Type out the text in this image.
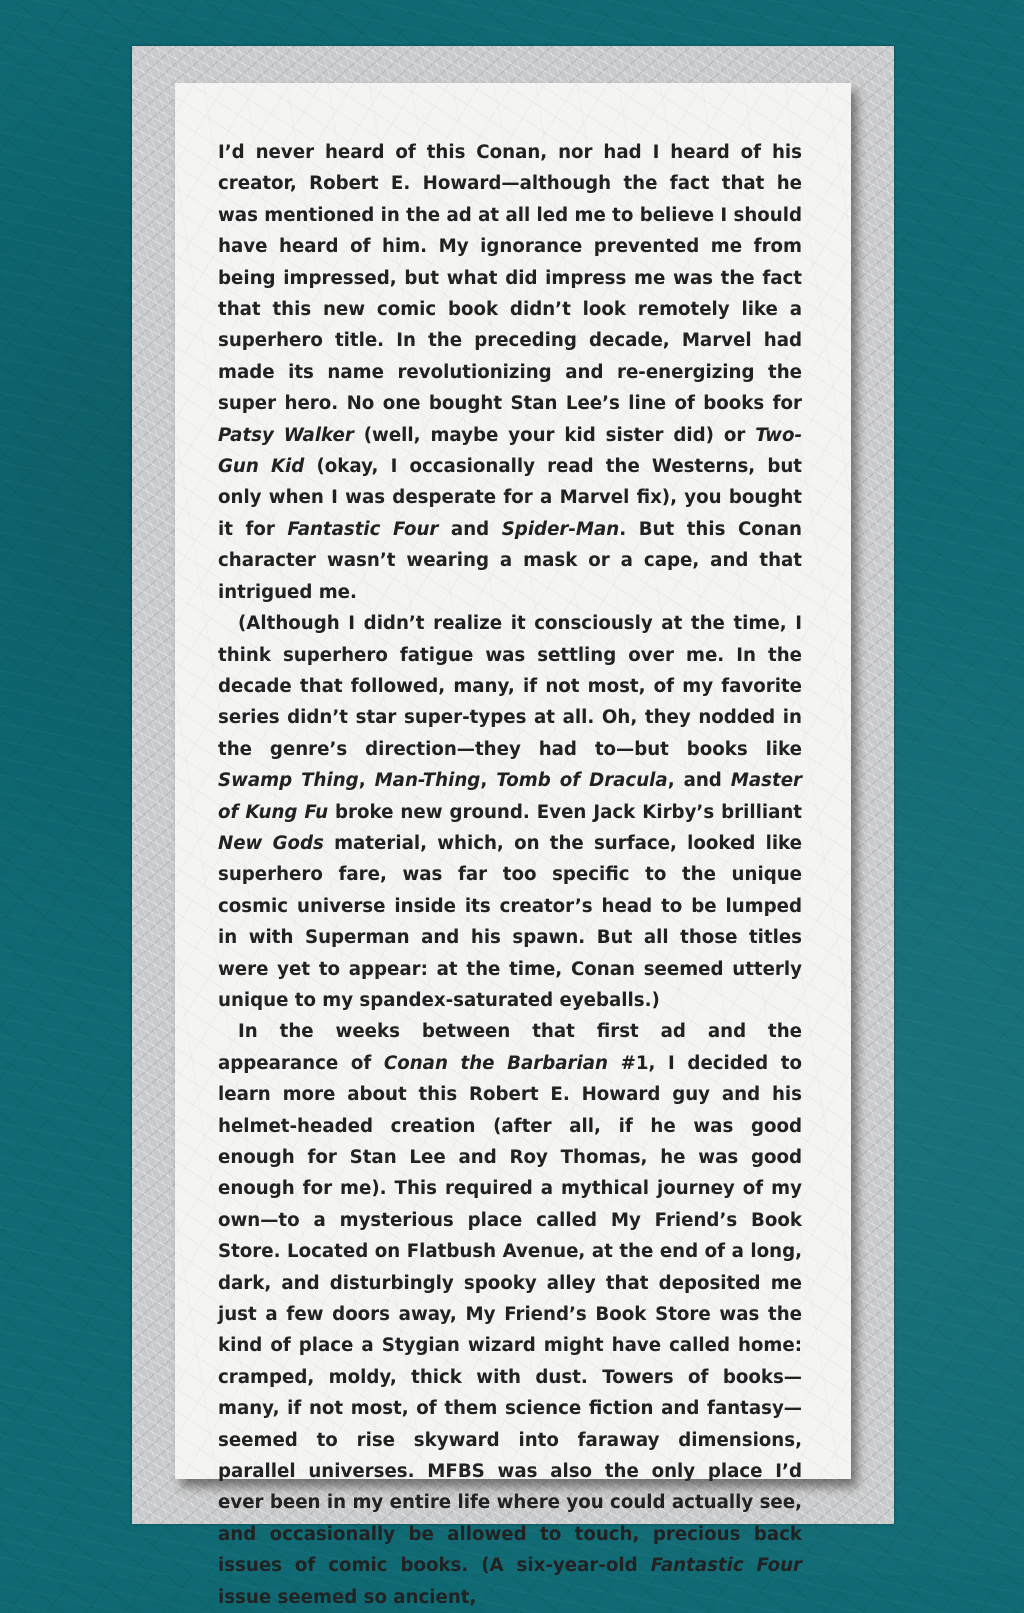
I’d never heard of this Conan, nor had I heard of his creator, Robert E. Howard—although the fact that he was mentioned in the ad at all led me to believe I should have heard of him. My ignorance prevented me from being impressed, but what did impress me was the fact that this new comic book didn’t look remotely like a superhero title. In the preceding decade, Marvel had made its name revolutionizing and re-energizing the super hero. No one bought Stan Lee’s line of books for Patsy Walker (well, maybe your kid sister did) or Two-Gun Kid (okay, I occasionally read the Westerns, but only when I was desperate for a Marvel fix), you bought it for Fantastic Four and Spider-Man. But this Conan character wasn’t wearing a mask or a cape, and that intrigued me.

(Although I didn’t realize it consciously at the time, I think superhero fatigue was settling over me. In the decade that followed, many, if not most, of my favorite series didn’t star super-types at all. Oh, they nodded in the genre’s direction—they had to—but books like Swamp Thing, Man-Thing, Tomb of Dracula, and Master of Kung Fu broke new ground. Even Jack Kirby’s brilliant New Gods material, which, on the surface, looked like superhero fare, was far too specific to the unique cosmic universe inside its creator’s head to be lumped in with Superman and his spawn. But all those titles were yet to appear: at the time, Conan seemed utterly unique to my spandex-saturated eyeballs.)

In the weeks between that first ad and the appearance of Conan the Barbarian #1, I decided to learn more about this Robert E. Howard guy and his helmet-headed creation (after all, if he was good enough for Stan Lee and Roy Thomas, he was good enough for me). This required a mythical journey of my own—to a mysterious place called My Friend’s Book Store. Located on Flatbush Avenue, at the end of a long, dark, and disturbingly spooky alley that deposited me just a few doors away, My Friend’s Book Store was the kind of place a Stygian wizard might have called home: cramped, moldy, thick with dust. Towers of books—many, if not most, of them science fiction and fantasy—seemed to rise skyward into faraway dimensions, parallel universes. MFBS was also the only place I’d ever been in my entire life where you could actually see, and occasionally be allowed to touch, precious back issues of comic books. (A six-year-old Fantastic Four issue seemed so ancient,
